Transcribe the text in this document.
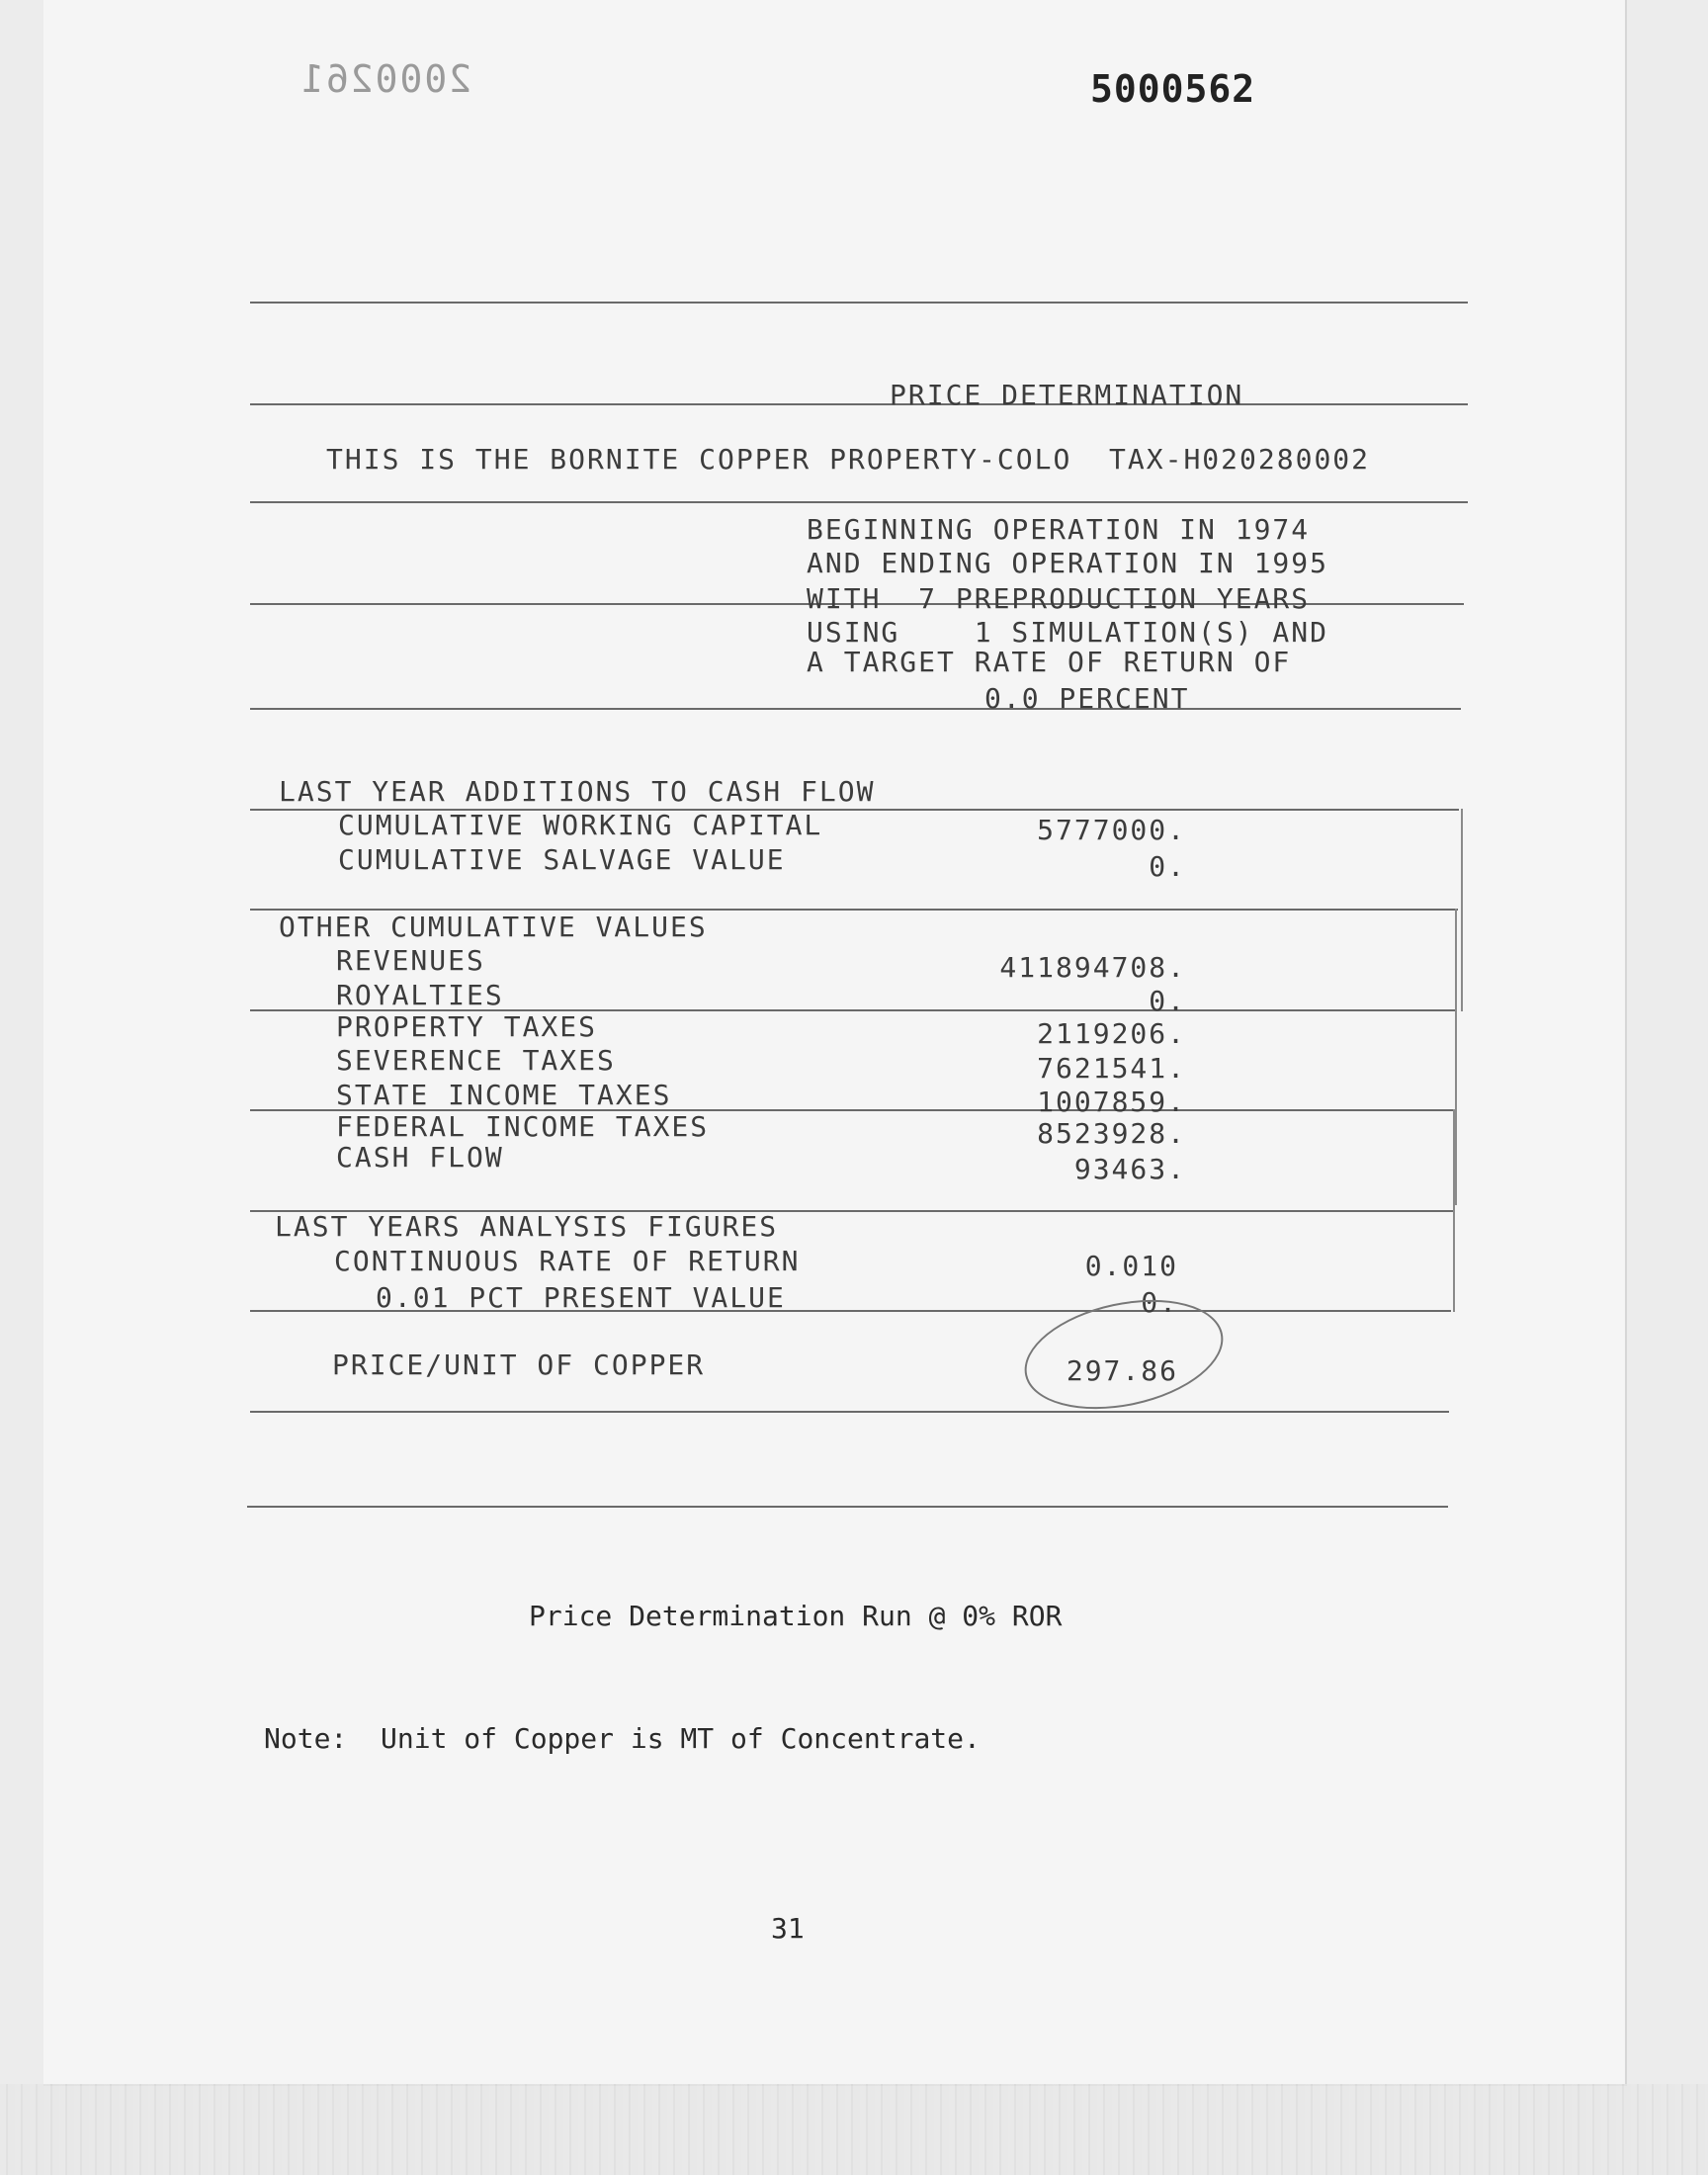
2000261	5000562
PRICE DETERMINATION
THIS IS THE BORNITE COPPER PROPERTY-COLO  TAX-H020280002
BEGINNING OPERATION IN 1974
AND ENDING OPERATION IN 1995
WITH  7 PREPRODUCTION YEARS
USING    1 SIMULATION(S) AND
A TARGET RATE OF RETURN OF
0.0 PERCENT
LAST YEAR ADDITIONS TO CASH FLOW
CUMULATIVE WORKING CAPITAL	5777000.
CUMULATIVE SALVAGE VALUE	0.
OTHER CUMULATIVE VALUES
REVENUES	411894708.
ROYALTIES	0.
PROPERTY TAXES	2119206.
SEVERENCE TAXES	7621541.
STATE INCOME TAXES	1007859.
FEDERAL INCOME TAXES	8523928.
CASH FLOW	93463.
LAST YEARS ANALYSIS FIGURES
CONTINUOUS RATE OF RETURN	0.010
0.01 PCT PRESENT VALUE	0.
PRICE/UNIT OF COPPER	297.86
Price Determination Run @ 0% ROR
Note:  Unit of Copper is MT of Concentrate.
31
